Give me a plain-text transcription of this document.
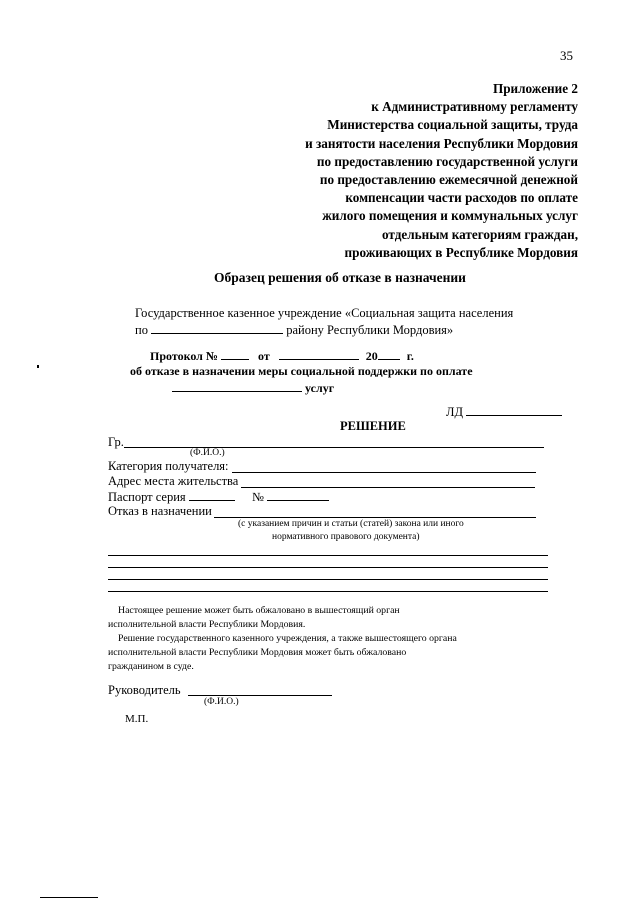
35
Приложение 2
к Административному регламенту
Министерства социальной защиты, труда
и занятости населения Республики Мордовия
по предоставлению государственной услуги
по предоставлению ежемесячной денежной
компенсации части расходов по оплате
жилого помещения и коммунальных услуг
отдельным категориям граждан,
проживающих в Республике Мордовия
Образец решения об отказе в назначении
Государственное казенное учреждение «Социальная защита населения
по	району Республики Мордовия»
Протокол №	от	20 г.
об отказе в назначении меры социальной поддержки по оплате
услуг
ЛД
РЕШЕНИЕ
Гр.
(Ф.И.О.)
Категория получателя:
Адрес места жительства
Паспорт серия	№
Отказ в назначении
(с указанием причин и статьи (статей) закона или иного
нормативного правового документа)
Настоящее решение может быть обжаловано в вышестоящий орган
исполнительной власти Республики Мордовия.
Решение государственного казенного учреждения, а также вышестоящего органа
исполнительной власти Республики Мордовия может быть обжаловано
гражданином в суде.
Руководитель
(Ф.И.О.)
М.П.
